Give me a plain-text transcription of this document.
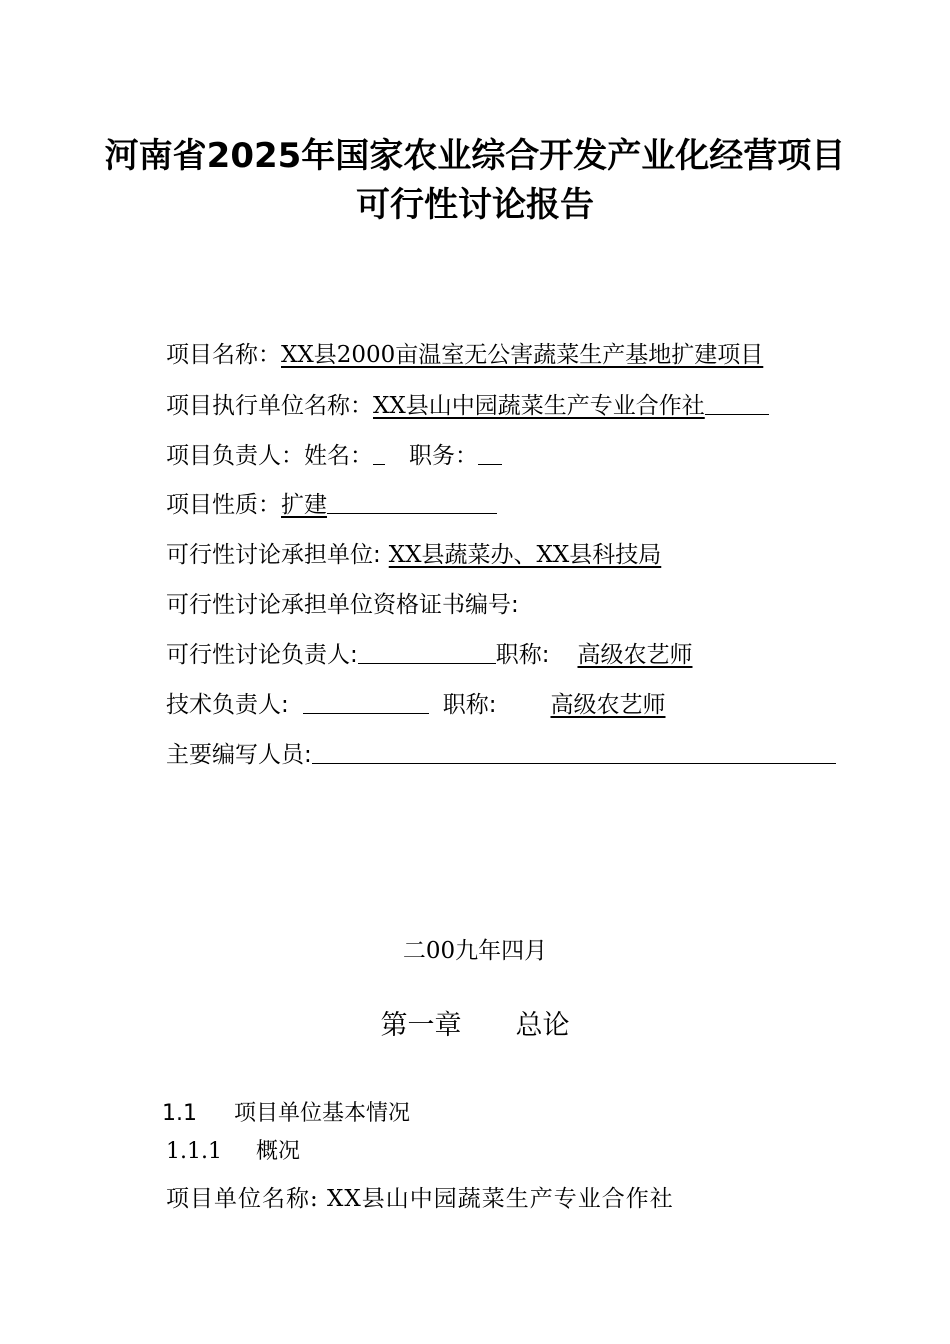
河南省2025年国家农业综合开发产业化经营项目
可行性讨论报告
项目名称：XX县2000亩温室无公害蔬菜生产基地扩建项目
项目执行单位名称：XX县山中园蔬菜生产专业合作社
项目负责人：姓名： 职务：
项目性质：扩建
可行性讨论承担单位: XX县蔬菜办、XX县科技局
可行性讨论承担单位资格证书编号:
可行性讨论负责人:	职称: 高级农艺师
技术负责人:	职称: 高级农艺师
主要编写人员:
二00九年四月
第一章 总论
1.1 项目单位基本情况
1.1.1 概况
项目单位名称: XX县山中园蔬菜生产专业合作社
